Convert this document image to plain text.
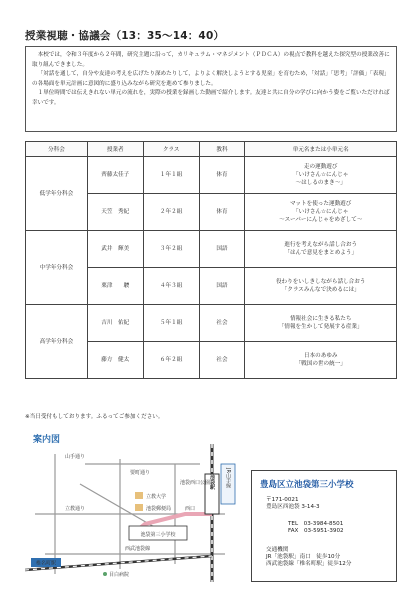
授業視聴・協議会（13：35～14：40）

本校では，令和３年度から２年間，研究主題に沿って，カリキュラム・マネジメント（ＰＤＣＡ）の視点で教科を越えた探究型の授業改善に取り組んできました。

「対話を通して，自分や友達の考えを広げたり深めたりして，よりよく解決しようとする児童」を育むため，「対話」「思考」「評価」「表現」の各場面を単元計画に意図的に盛り込みながら研究を進めて参りました。

１単位時間では伝えきれない単元の流れを，実際の授業を録画した動画で紹介します。友達と共に自分の学びに向かう姿をご覧いただければ幸いです。

分科会	授業者	クラス	教科	単元名または小単元名
低学年分科会	齊藤太佳子	１年１組	体育	走の運動遊び
「いけさん☆にんじゃ
～はしるのまき～」

	天笠　秀紀	２年２組	体育	マットを使った運動遊び
「いけさん☆にんじゃ
～スーパーにんじゃをめざして～

中学年分科会	武井　輝美	３年２組	国語	進行を考えながら話し合おう
「はんで意見をまとめよう」

	栗津　　駿	４年３組	国語	役わりをいしきしながら話し合おう
「クラスみんなで決めるには」

高学年分科会	吉川　佑紀	５年１組	社会	情報社会に生きる私たち
「情報を生かして発展する産業」

	藤方　健太	６年２組	社会	日本のあゆみ
「戦国の世の統一」
※当日受付もしております。ふるってご参加ください。
案内図
池袋駅 JR山手線
池袋第三小学校
椎名町駅
立教大学
池袋郵便局
目白病院
山手通り
要町通り
池袋西口公園
立教通り	西口
西武池袋線
豊島区立池袋第三小学校
〒171-0021
豊島区西池袋 3-14-3
TEL　03-3984-8501
FAX　03-5951-3902
交通機関
JR「池袋駅」南口　徒歩10分
西武池袋線「椎名町駅」徒歩12分
